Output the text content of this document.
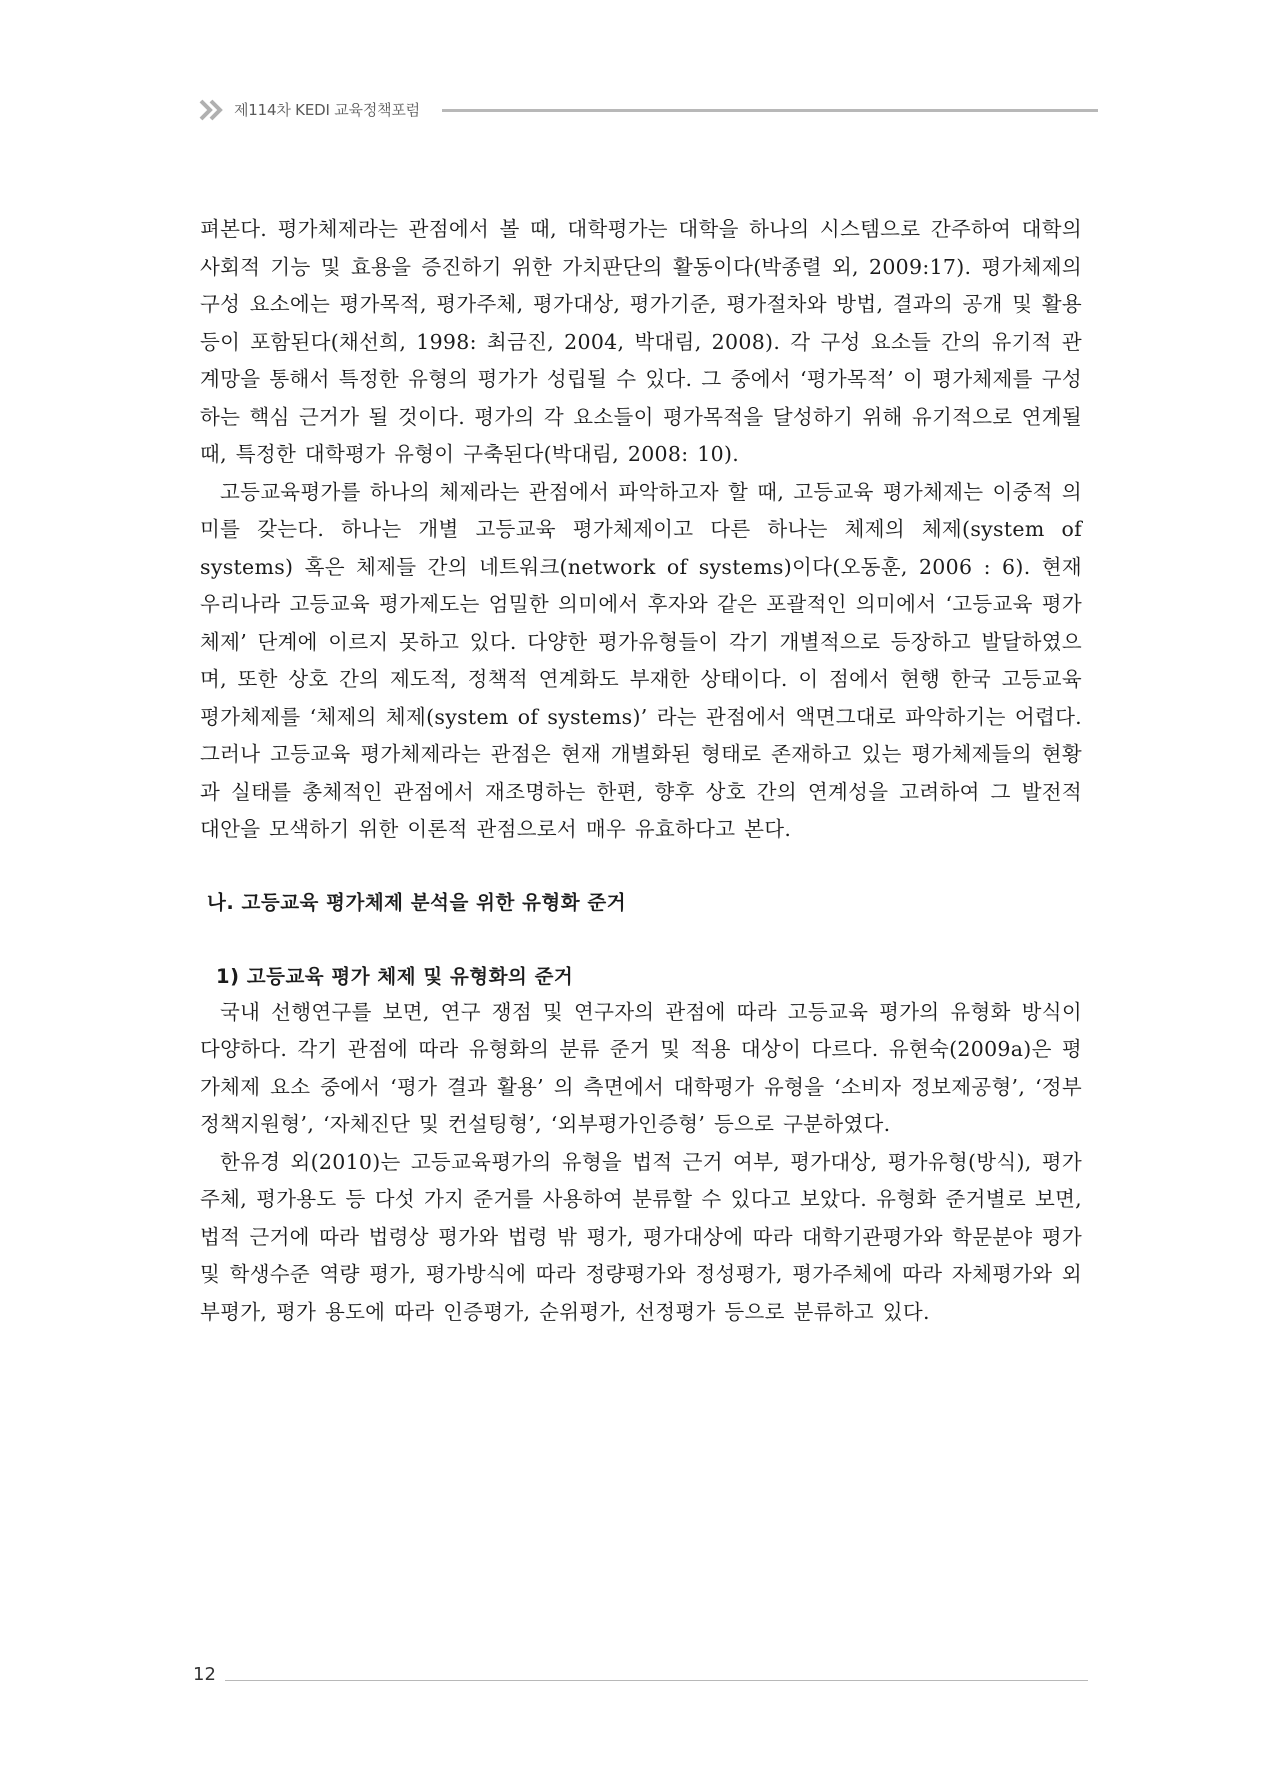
제114차 KEDI 교육정책포럼

펴본다. 평가체제라는 관점에서 볼 때, 대학평가는 대학을 하나의 시스템으로 간주하여 대학의 사회적 기능 및 효용을 증진하기 위한 가치판단의 활동이다(박종렬 외, 2009:17). 평가체제의 구성 요소에는 평가목적, 평가주체, 평가대상, 평가기준, 평가절차와 방법, 결과의 공개 및 활용 등이 포함된다(채선희, 1998: 최금진, 2004, 박대림, 2008). 각 구성 요소들 간의 유기적 관계망을 통해서 특정한 유형의 평가가 성립될 수 있다. 그 중에서 ‘평가목적’ 이 평가체제를 구성하는 핵심 근거가 될 것이다. 평가의 각 요소들이 평가목적을 달성하기 위해 유기적으로 연계될 때, 특정한 대학평가 유형이 구축된다(박대림, 2008: 10).

고등교육평가를 하나의 체제라는 관점에서 파악하고자 할 때, 고등교육 평가체제는 이중적 의미를 갖는다. 하나는 개별 고등교육 평가체제이고 다른 하나는 체제의 체제(system of systems) 혹은 체제들 간의 네트워크(network of systems)이다(오동훈, 2006 : 6). 현재 우리나라 고등교육 평가제도는 엄밀한 의미에서 후자와 같은 포괄적인 의미에서 ‘고등교육 평가체제’ 단계에 이르지 못하고 있다. 다양한 평가유형들이 각기 개별적으로 등장하고 발달하였으며, 또한 상호 간의 제도적, 정책적 연계화도 부재한 상태이다. 이 점에서 현행 한국 고등교육 평가체제를 ‘체제의 체제(system of systems)’ 라는 관점에서 액면그대로 파악하기는 어렵다. 그러나 고등교육 평가체제라는 관점은 현재 개별화된 형태로 존재하고 있는 평가체제들의 현황과 실태를 총체적인 관점에서 재조명하는 한편, 향후 상호 간의 연계성을 고려하여 그 발전적 대안을 모색하기 위한 이론적 관점으로서 매우 유효하다고 본다.

나. 고등교육 평가체제 분석을 위한 유형화 준거
1) 고등교육 평가 체제 및 유형화의 준거

국내 선행연구를 보면, 연구 쟁점 및 연구자의 관점에 따라 고등교육 평가의 유형화 방식이 다양하다. 각기 관점에 따라 유형화의 분류 준거 및 적용 대상이 다르다. 유현숙(2009a)은 평가체제 요소 중에서 ‘평가 결과 활용’ 의 측면에서 대학평가 유형을 ‘소비자 정보제공형’, ‘정부 정책지원형’, ‘자체진단 및 컨설팅형’, ‘외부평가인증형’ 등으로 구분하였다.

한유경 외(2010)는 고등교육평가의 유형을 법적 근거 여부, 평가대상, 평가유형(방식), 평가주체, 평가용도 등 다섯 가지 준거를 사용하여 분류할 수 있다고 보았다. 유형화 준거별로 보면, 법적 근거에 따라 법령상 평가와 법령 밖 평가, 평가대상에 따라 대학기관평가와 학문분야 평가 및 학생수준 역량 평가, 평가방식에 따라 정량평가와 정성평가, 평가주체에 따라 자체평가와 외부평가, 평가 용도에 따라 인증평가, 순위평가, 선정평가 등으로 분류하고 있다.

12
